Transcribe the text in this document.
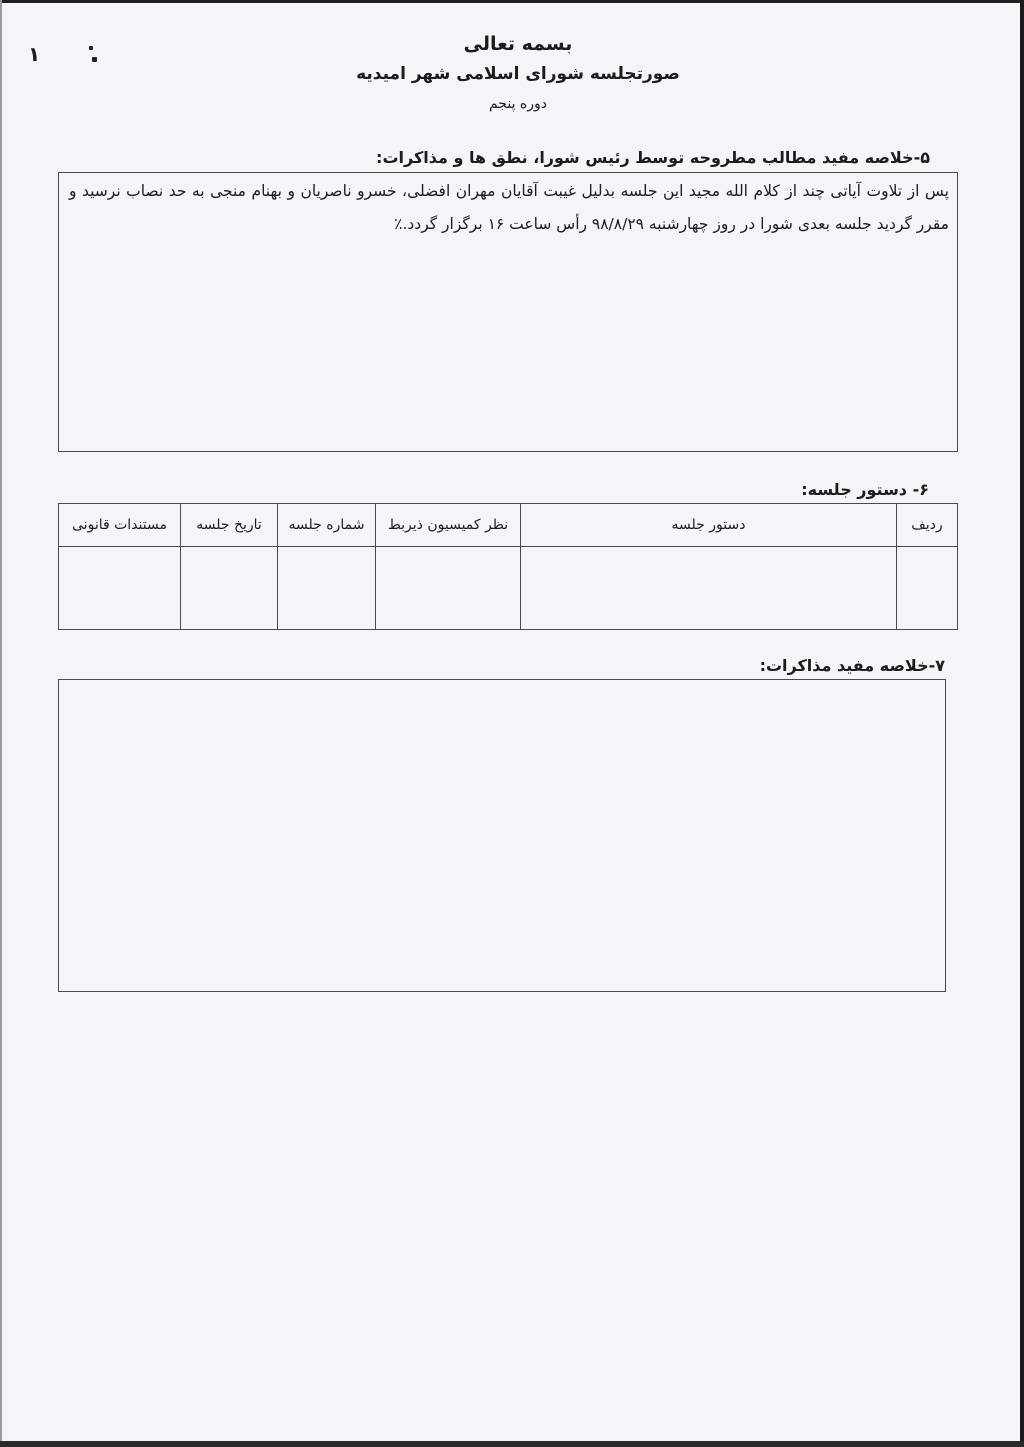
۱	بسمه تعالی
صورتجلسه شورای اسلامی شهر امیدیه
دوره پنجم
۵-خلاصه مفید مطالب مطروحه توسط رئیس شورا، نطق ها و مذاکرات:

پس از تلاوت آیاتی چند از کلام الله مجید این جلسه بدلیل غیبت آقایان مهران افضلی، خسرو ناصریان و بهنام منجی به حد نصاب نرسید و مقرر گردید جلسه بعدی شورا در روز چهارشنبه ۹۸/۸/۲۹ رأس ساعت ۱۶ برگزار گردد.٪

۶- دستور جلسه:
ردیف	دستور جلسه	نظر کمیسیون ذیربط	شماره جلسه	تاریخ جلسه	مستندات قانونی

۷-خلاصه مفید مذاکرات:
